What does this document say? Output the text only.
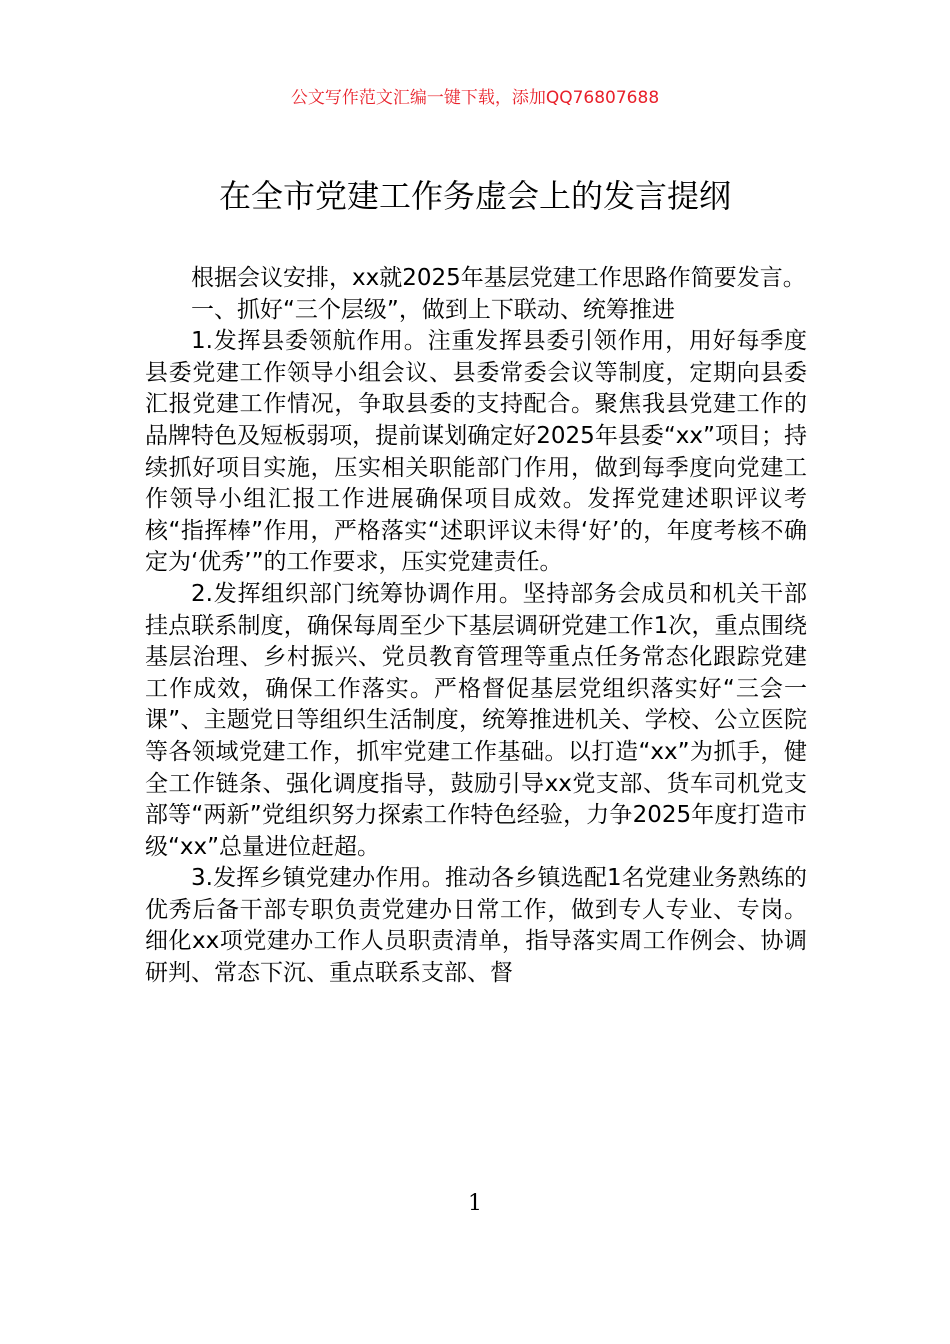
公文写作范文汇编一键下载，添加QQ76807688
在全市党建工作务虚会上的发言提纲

根据会议安排，xx就2025年基层党建工作思路作简要发言。

一、抓好“三个层级”，做到上下联动、统筹推进

1.发挥县委领航作用。注重发挥县委引领作用，用好每季度县委党建工作领导小组会议、县委常委会议等制度，定期向县委汇报党建工作情况，争取县委的支持配合。聚焦我县党建工作的品牌特色及短板弱项，提前谋划确定好2025年县委“xx”项目；持续抓好项目实施，压实相关职能部门作用，做到每季度向党建工作领导小组汇报工作进展确保项目成效。发挥党建述职评议考核“指挥棒”作用，严格落实“述职评议未得‘好’的，年度考核不确定为‘优秀’”的工作要求，压实党建责任。

2.发挥组织部门统筹协调作用。坚持部务会成员和机关干部挂点联系制度，确保每周至少下基层调研党建工作1次，重点围绕基层治理、乡村振兴、党员教育管理等重点任务常态化跟踪党建工作成效，确保工作落实。严格督促基层党组织落实好“三会一课”、主题党日等组织生活制度，统筹推进机关、学校、公立医院等各领域党建工作，抓牢党建工作基础。以打造“xx”为抓手，健全工作链条、强化调度指导，鼓励引导xx党支部、货车司机党支部等“两新”党组织努力探索工作特色经验，力争2025年度打造市级“xx”总量进位赶超。

3.发挥乡镇党建办作用。推动各乡镇选配1名党建业务熟练的优秀后备干部专职负责党建办日常工作，做到专人专业、专岗。细化xx项党建办工作人员职责清单，指导落实周工作例会、协调研判、常态下沉、重点联系支部、督

1
